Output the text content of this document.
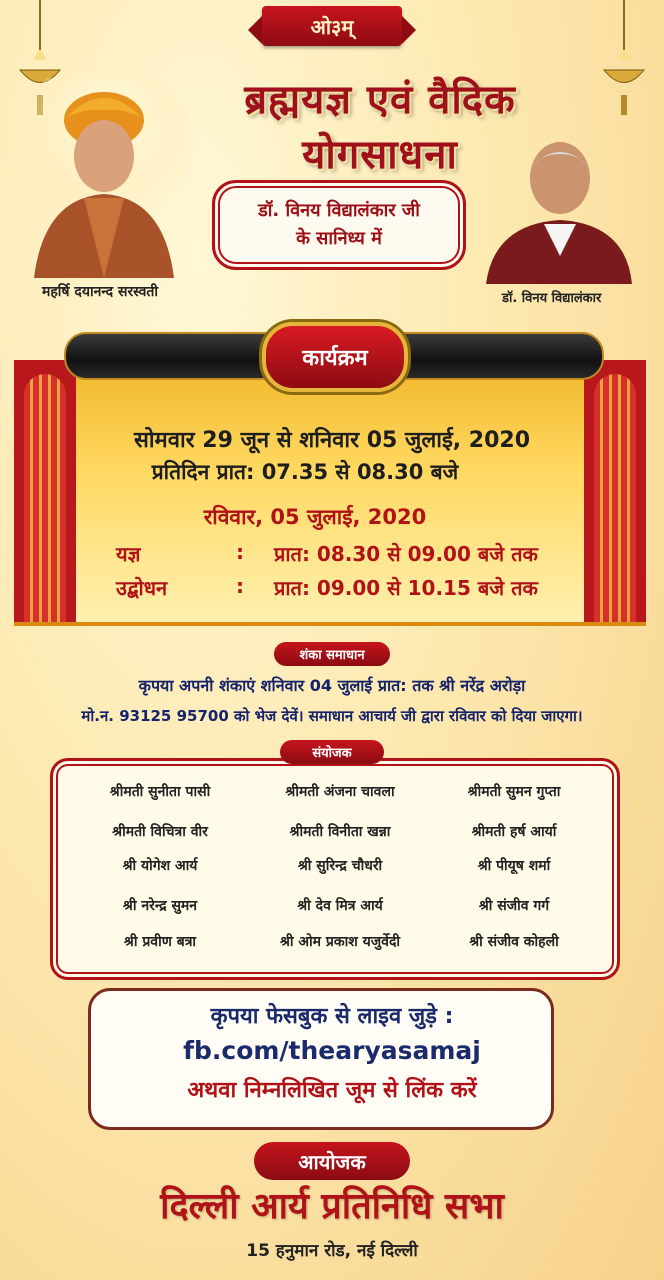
ओ३म्
ब्रह्मयज्ञ एवं वैदिक योगसाधना
महर्षि दयानन्द सरस्वती
डॉ. विनय विद्यालंकार जी
के सानिध्य में
डॉ. विनय विद्यालंकार
कार्यक्रम
सोमवार 29 जून से शनिवार 05 जुलाई, 2020
प्रतिदिन प्रात: 07.35 से 08.30 बजे
रविवार, 05 जुलाई, 2020
यज्ञ	: प्रात: 08.30 से 09.00 बजे तक
उद्बोधन	: प्रात: 09.00 से 10.15 बजे तक
शंका समाधान
कृपया अपनी शंकाएं शनिवार 04 जुलाई प्रात: तक श्री नरेंद्र अरोड़ा
मो.न. 93125 95700 को भेज देवें। समाधान आचार्य जी द्वारा रविवार को दिया जाएगा।
संयोजक
श्रीमती सुनीता पासी	श्रीमती अंजना चावला	श्रीमती सुमन गुप्ता
श्रीमती विचित्रा वीर	श्रीमती विनीता खन्ना	श्रीमती हर्ष आर्या
श्री योगेश आर्य	श्री सुरिन्द्र चौधरी	श्री पीयूष शर्मा
श्री नरेन्द्र सुमन	श्री देव मित्र आर्य	श्री संजीव गर्ग
श्री प्रवीण बत्रा	श्री ओम प्रकाश यजुर्वेदी	श्री संजीव कोहली
कृपया फेसबुक से लाइव जुड़े :
fb.com/thearyasamaj
अथवा निम्नलिखित जूम से लिंक करें
आयोजक
दिल्ली आर्य प्रतिनिधि सभा
15 हनुमान रोड, नई दिल्ली
